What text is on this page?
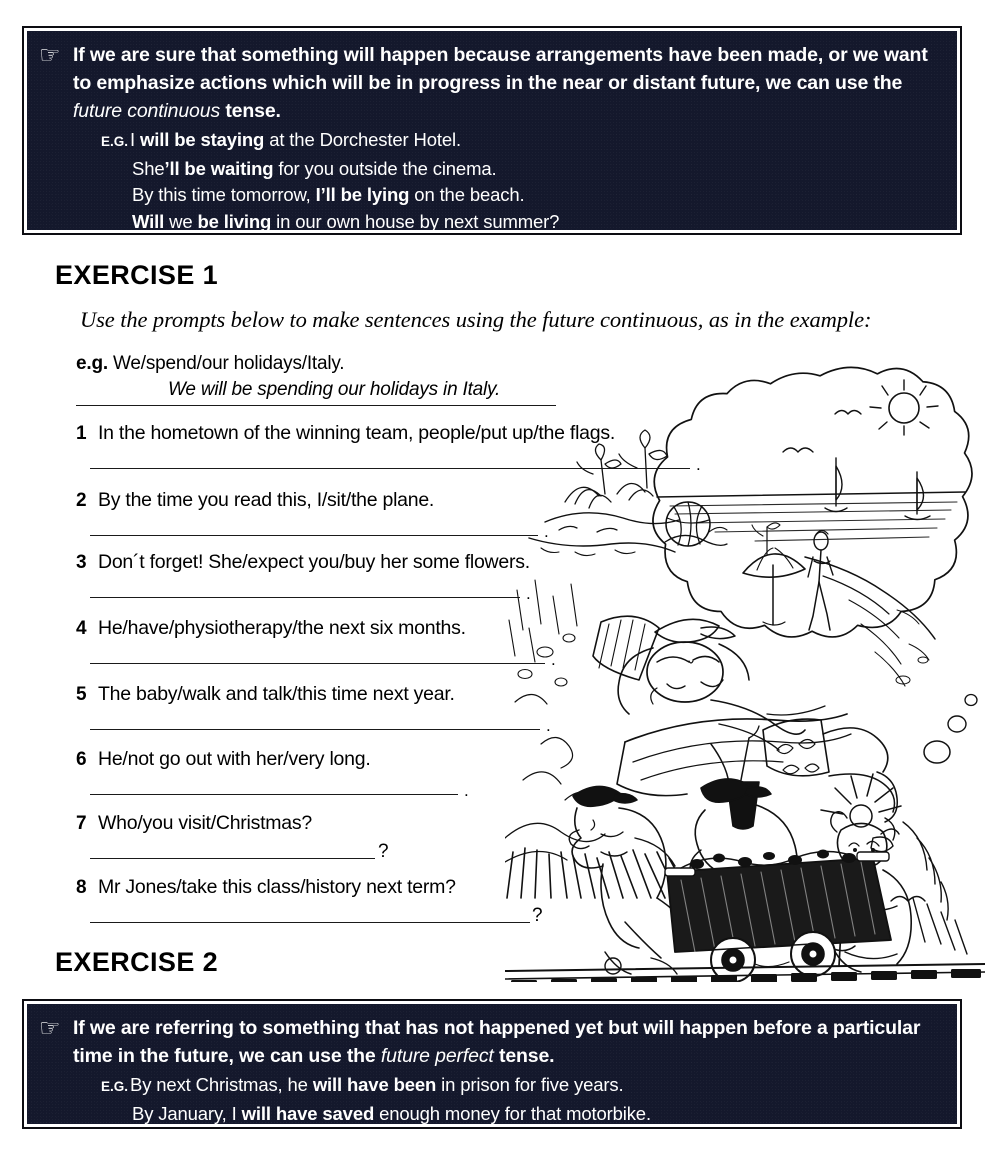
☞ If we are sure that something will happen because arrangements have been made, or we want to emphasize actions which will be in progress in the near or distant future, we can use the future continuous tense.
E.G. I will be staying at the Dorchester Hotel.
She’ll be waiting for you outside the cinema.
By this time tomorrow, I’ll be lying on the beach.
Will we be living in our own house by next summer?
EXERCISE 1
Use the prompts below to make sentences using the future continuous, as in the example:
e.g. We/spend/our holidays/Italy.
We will be spending our holidays in Italy.
1 In the hometown of the winning team, people/put up/the flags.
.
2 By the time you read this, I/sit/the plane.
.
3 Don´t forget! She/expect you/buy her some flowers.
.
4 He/have/physiotherapy/the next six months.
.
5 The baby/walk and talk/this time next year.
.
6 He/not go out with her/very long.
.
7 Who/you visit/Christmas?
?
8 Mr Jones/take this class/history next term?
?
EXERCISE 2
☞ If we are referring to something that has not happened yet but will happen before a particular time in the future, we can use the future perfect tense.
E.G. By next Christmas, he will have been in prison for five years.
By January, I will have saved enough money for that motorbike.
